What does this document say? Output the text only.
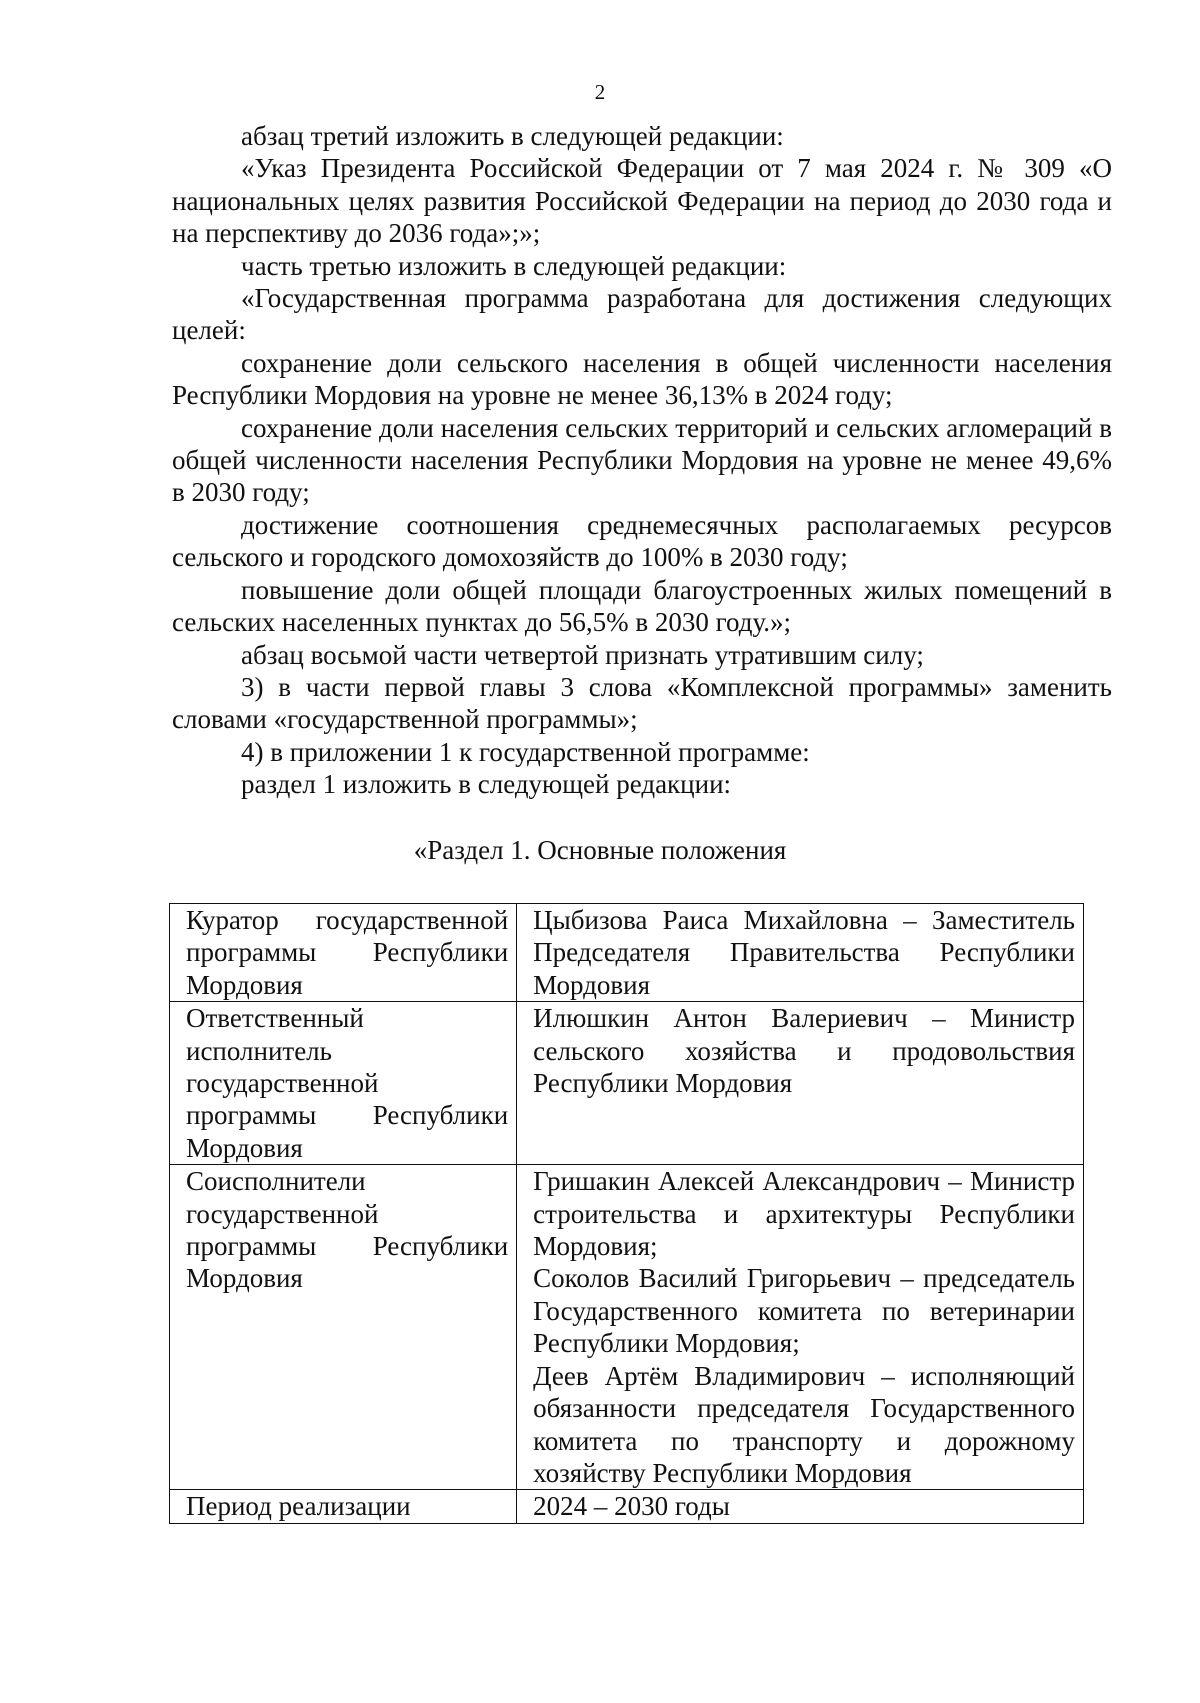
2

абзац третий изложить в следующей редакции:

«Указ Президента Российской Федерации от 7 мая 2024 г. № 309 «О национальных целях развития Российской Федерации на период до 2030 года и на перспективу до 2036 года»;»;

часть третью изложить в следующей редакции:

«Государственная программа разработана для достижения следующих целей:

сохранение доли сельского населения в общей численности населения Республики Мордовия на уровне не менее 36,13% в 2024 году;

сохранение доли населения сельских территорий и сельских агломераций в общей численности населения Республики Мордовия на уровне не менее 49,6% в 2030 году;

достижение соотношения среднемесячных располагаемых ресурсов сельского и городского домохозяйств до 100% в 2030 году;

повышение доли общей площади благоустроенных жилых помещений в сельских населенных пунктах до 56,5% в 2030 году.»;

абзац восьмой части четвертой признать утратившим силу;

3) в части первой главы 3 слова «Комплексной программы» заменить словами «государственной программы»;

4) в приложении 1 к государственной программе:

раздел 1 изложить в следующей редакции:

«Раздел 1. Основные положения
Куратор государственной программы Республики Мордовия	Цыбизова Раиса Михайловна – Заместитель Председателя Правительства Республики Мордовия

Ответственный исполнитель государственной программы Республики Мордовия	Илюшкин Антон Валериевич – Министр сельского хозяйства и продовольствия Республики Мордовия

Соисполнители государственной программы Республики Мордовия	Гришакин Алексей Александрович – Министр строительства и архитектуры Республики Мордовия;
Соколов Василий Григорьевич – председатель Государственного комитета по ветеринарии Республики Мордовия;
Деев Артём Владимирович – исполняющий обязанности председателя Государственного комитета по транспорту и дорожному хозяйству Республики Мордовия

Период реализации	2024 – 2030 годы
